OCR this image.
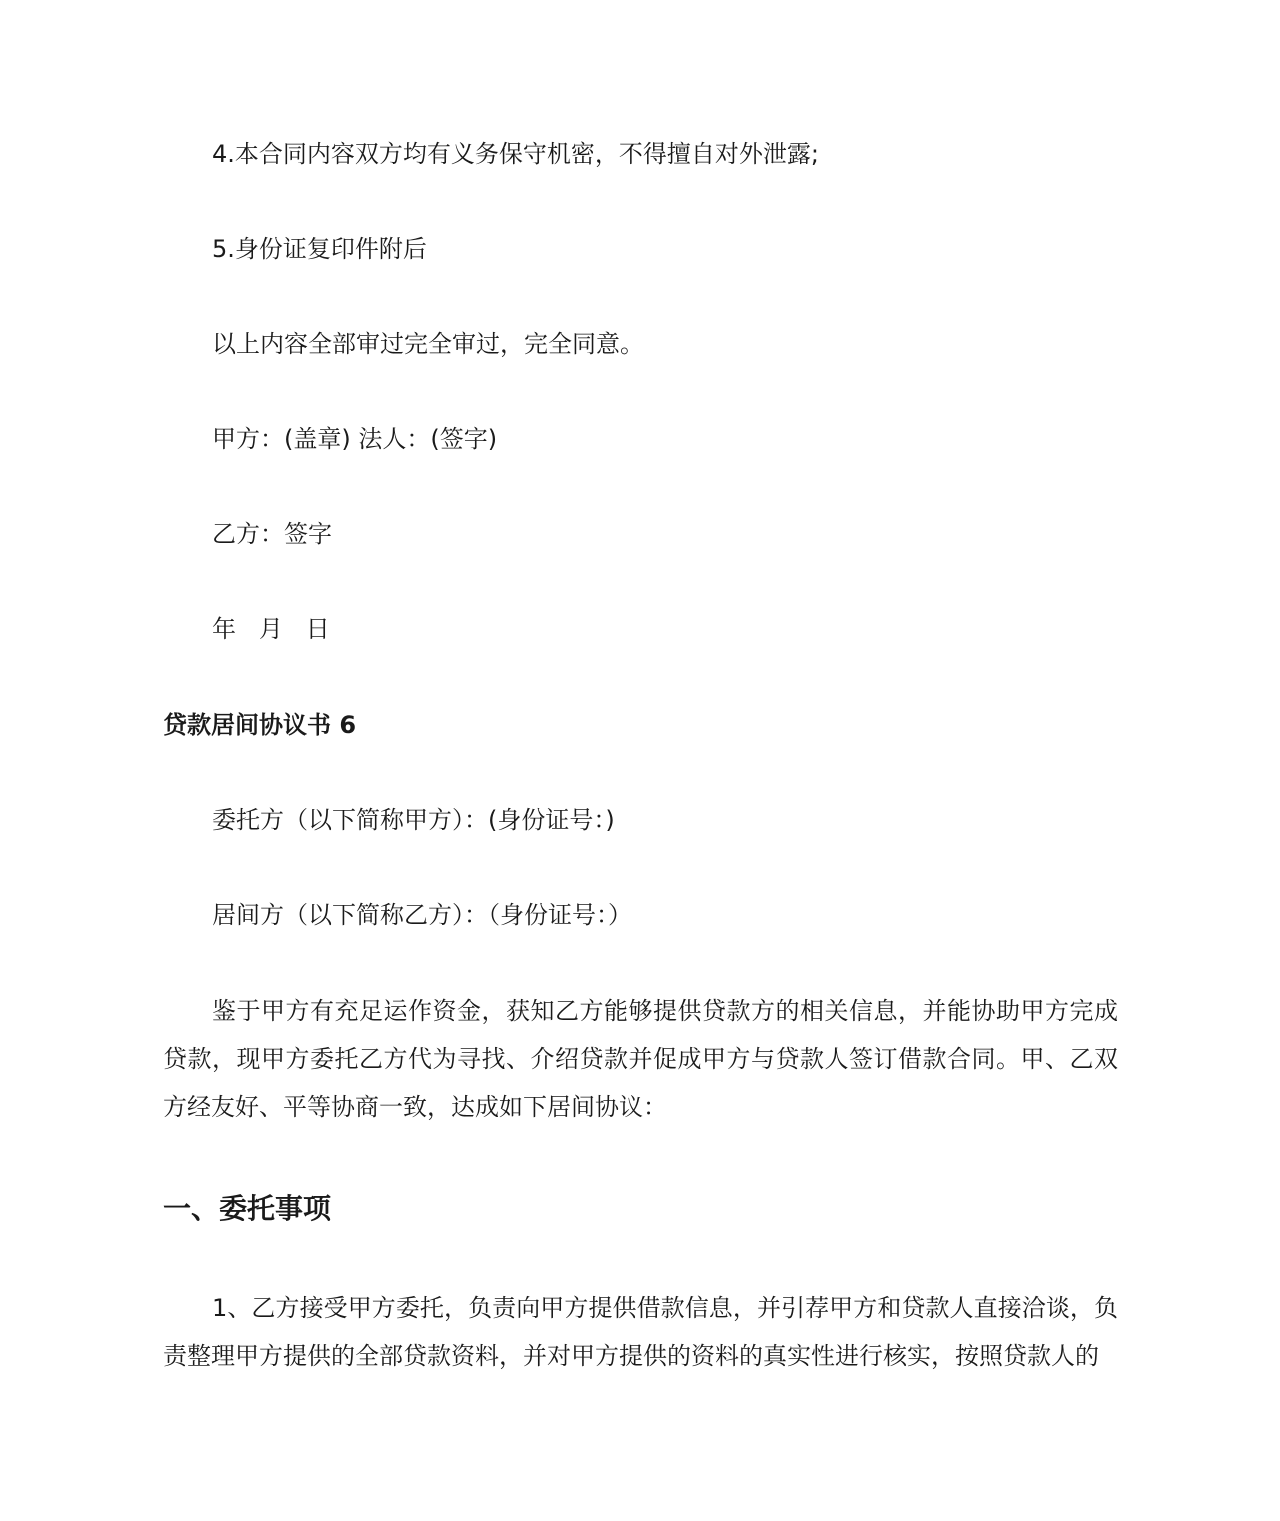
4.本合同内容双方均有义务保守机密，不得擅自对外泄露;

5.身份证复印件附后

以上内容全部审过完全审过，完全同意。

甲方：(盖章) 法人：(签字)

乙方：签字

年   月   日

贷款居间协议书 6

委托方（以下简称甲方）：(身份证号：)

居间方（以下简称乙方）：（身份证号：）

鉴于甲方有充足运作资金，获知乙方能够提供贷款方的相关信息，并能协助甲方完成贷款，现甲方委托乙方代为寻找、介绍贷款并促成甲方与贷款人签订借款合同。甲、乙双方经友好、平等协商一致，达成如下居间协议：

一、委托事项

1、乙方接受甲方委托，负责向甲方提供借款信息，并引荐甲方和贷款人直接洽谈，负责整理甲方提供的全部贷款资料，并对甲方提供的资料的真实性进行核实，按照贷款人的
